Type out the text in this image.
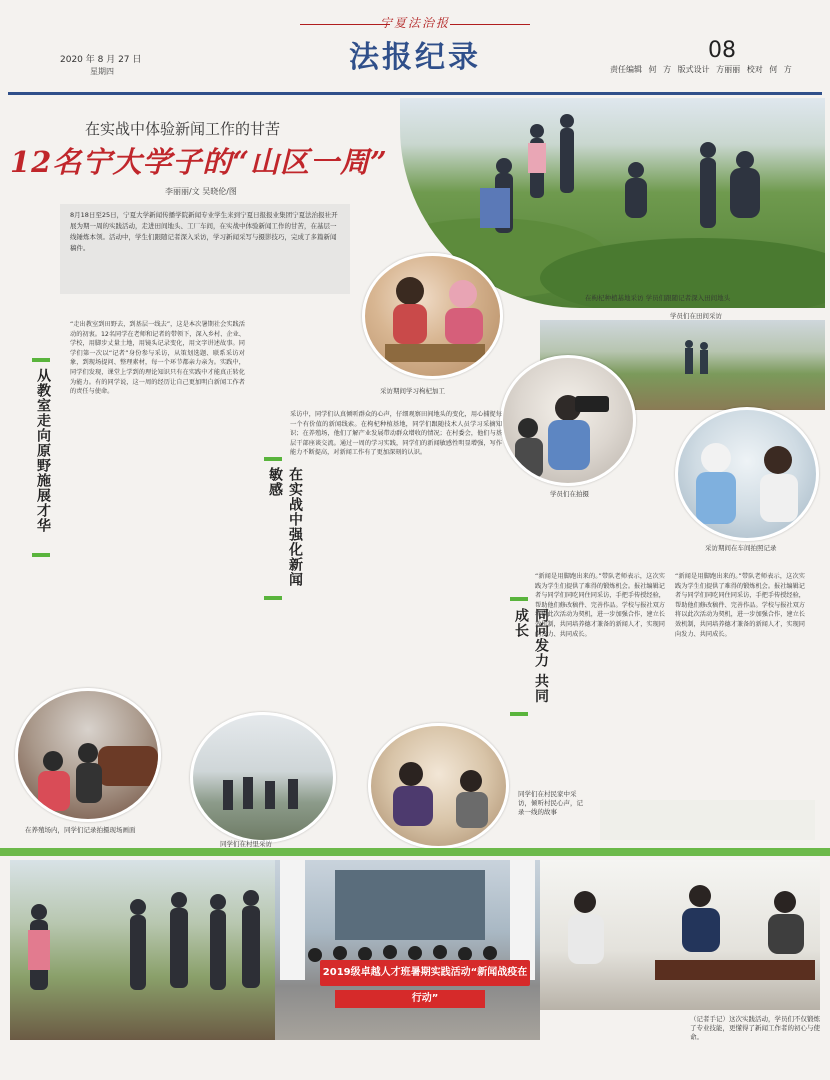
2020 年 8 月 27 日
星期四
宁夏法治报
法报纪录	08
责任编辑 何 方 版式设计 方丽丽 校对 何 方
在实战中体验新闻工作的甘苦
12名宁大学子的“山区一周”
李丽丽/文 吴晓伦/图
8月18日至25日，宁夏大学新闻传播学院新闻专业学生来到宁夏日报报业集团宁夏法治报社开展为期一周的实践活动，走进田间地头、工厂车间，在实战中体验新闻工作的甘苦，在基层一线锤炼本领。活动中，学生们跟随记者深入采访，学习新闻采写与摄影技巧，完成了多篇新闻稿件。
在枸杞种植基地采访 学员们跟随记者深入田间地头
学员们在田间采访
采访期间学习枸杞加工
学员们在拍摄
采访期间在车间拍照记录
从教室走向原野施展才华	在实战中强化新闻敏感
同向发力 共同成长
“走出教室到田野去，到基层一线去”，这是本次暑期社会实践活动的初衷。12名同学在老师和记者的带领下，深入乡村、企业、学校，用脚步丈量土地，用镜头记录变化，用文字讲述故事。同学们第一次以“记者”身份参与采访，从策划选题、联系采访对象，到现场提问、整理素材，每一个环节都亲力亲为。实践中，同学们发现，课堂上学到的理论知识只有在实践中才能真正转化为能力。有的同学说，这一周的经历让自己更加明白新闻工作者的责任与使命。
采访中，同学们认真倾听群众的心声，仔细观察田间地头的变化，用心捕捉每一个有价值的新闻线索。在枸杞种植基地，同学们跟随技术人员学习采摘知识；在养殖场，他们了解产业发展带动群众增收的情况；在村委会，他们与基层干部座谈交流。通过一周的学习实践，同学们的新闻敏感性明显增强，写作能力不断提高，对新闻工作有了更加深刻的认识。
“新闻是用脚跑出来的。”带队老师表示，这次实践为学生们提供了难得的锻炼机会。报社编辑记者与同学们同吃同住同采访，手把手传授经验，帮助他们修改稿件、完善作品。学校与报社双方将以此次活动为契机，进一步加强合作，建立长效机制，共同培养德才兼备的新闻人才，实现同向发力、共同成长。
“新闻是用脚跑出来的。”带队老师表示，这次实践为学生们提供了难得的锻炼机会。报社编辑记者与同学们同吃同住同采访，手把手传授经验，帮助他们修改稿件、完善作品。学校与报社双方将以此次活动为契机，进一步加强合作，建立长效机制，共同培养德才兼备的新闻人才，实现同向发力、共同成长。
在养殖场内，同学们记录拍摄现场画面
同学们在村里采访
同学们在村民家中采访，倾听村民心声，记录一线的故事
2019级卓越人才班暑期实践活动“新闻战疫在行动”
（记者手记）这次实践活动，学员们不仅锻炼了专业技能，更懂得了新闻工作者的初心与使命。
